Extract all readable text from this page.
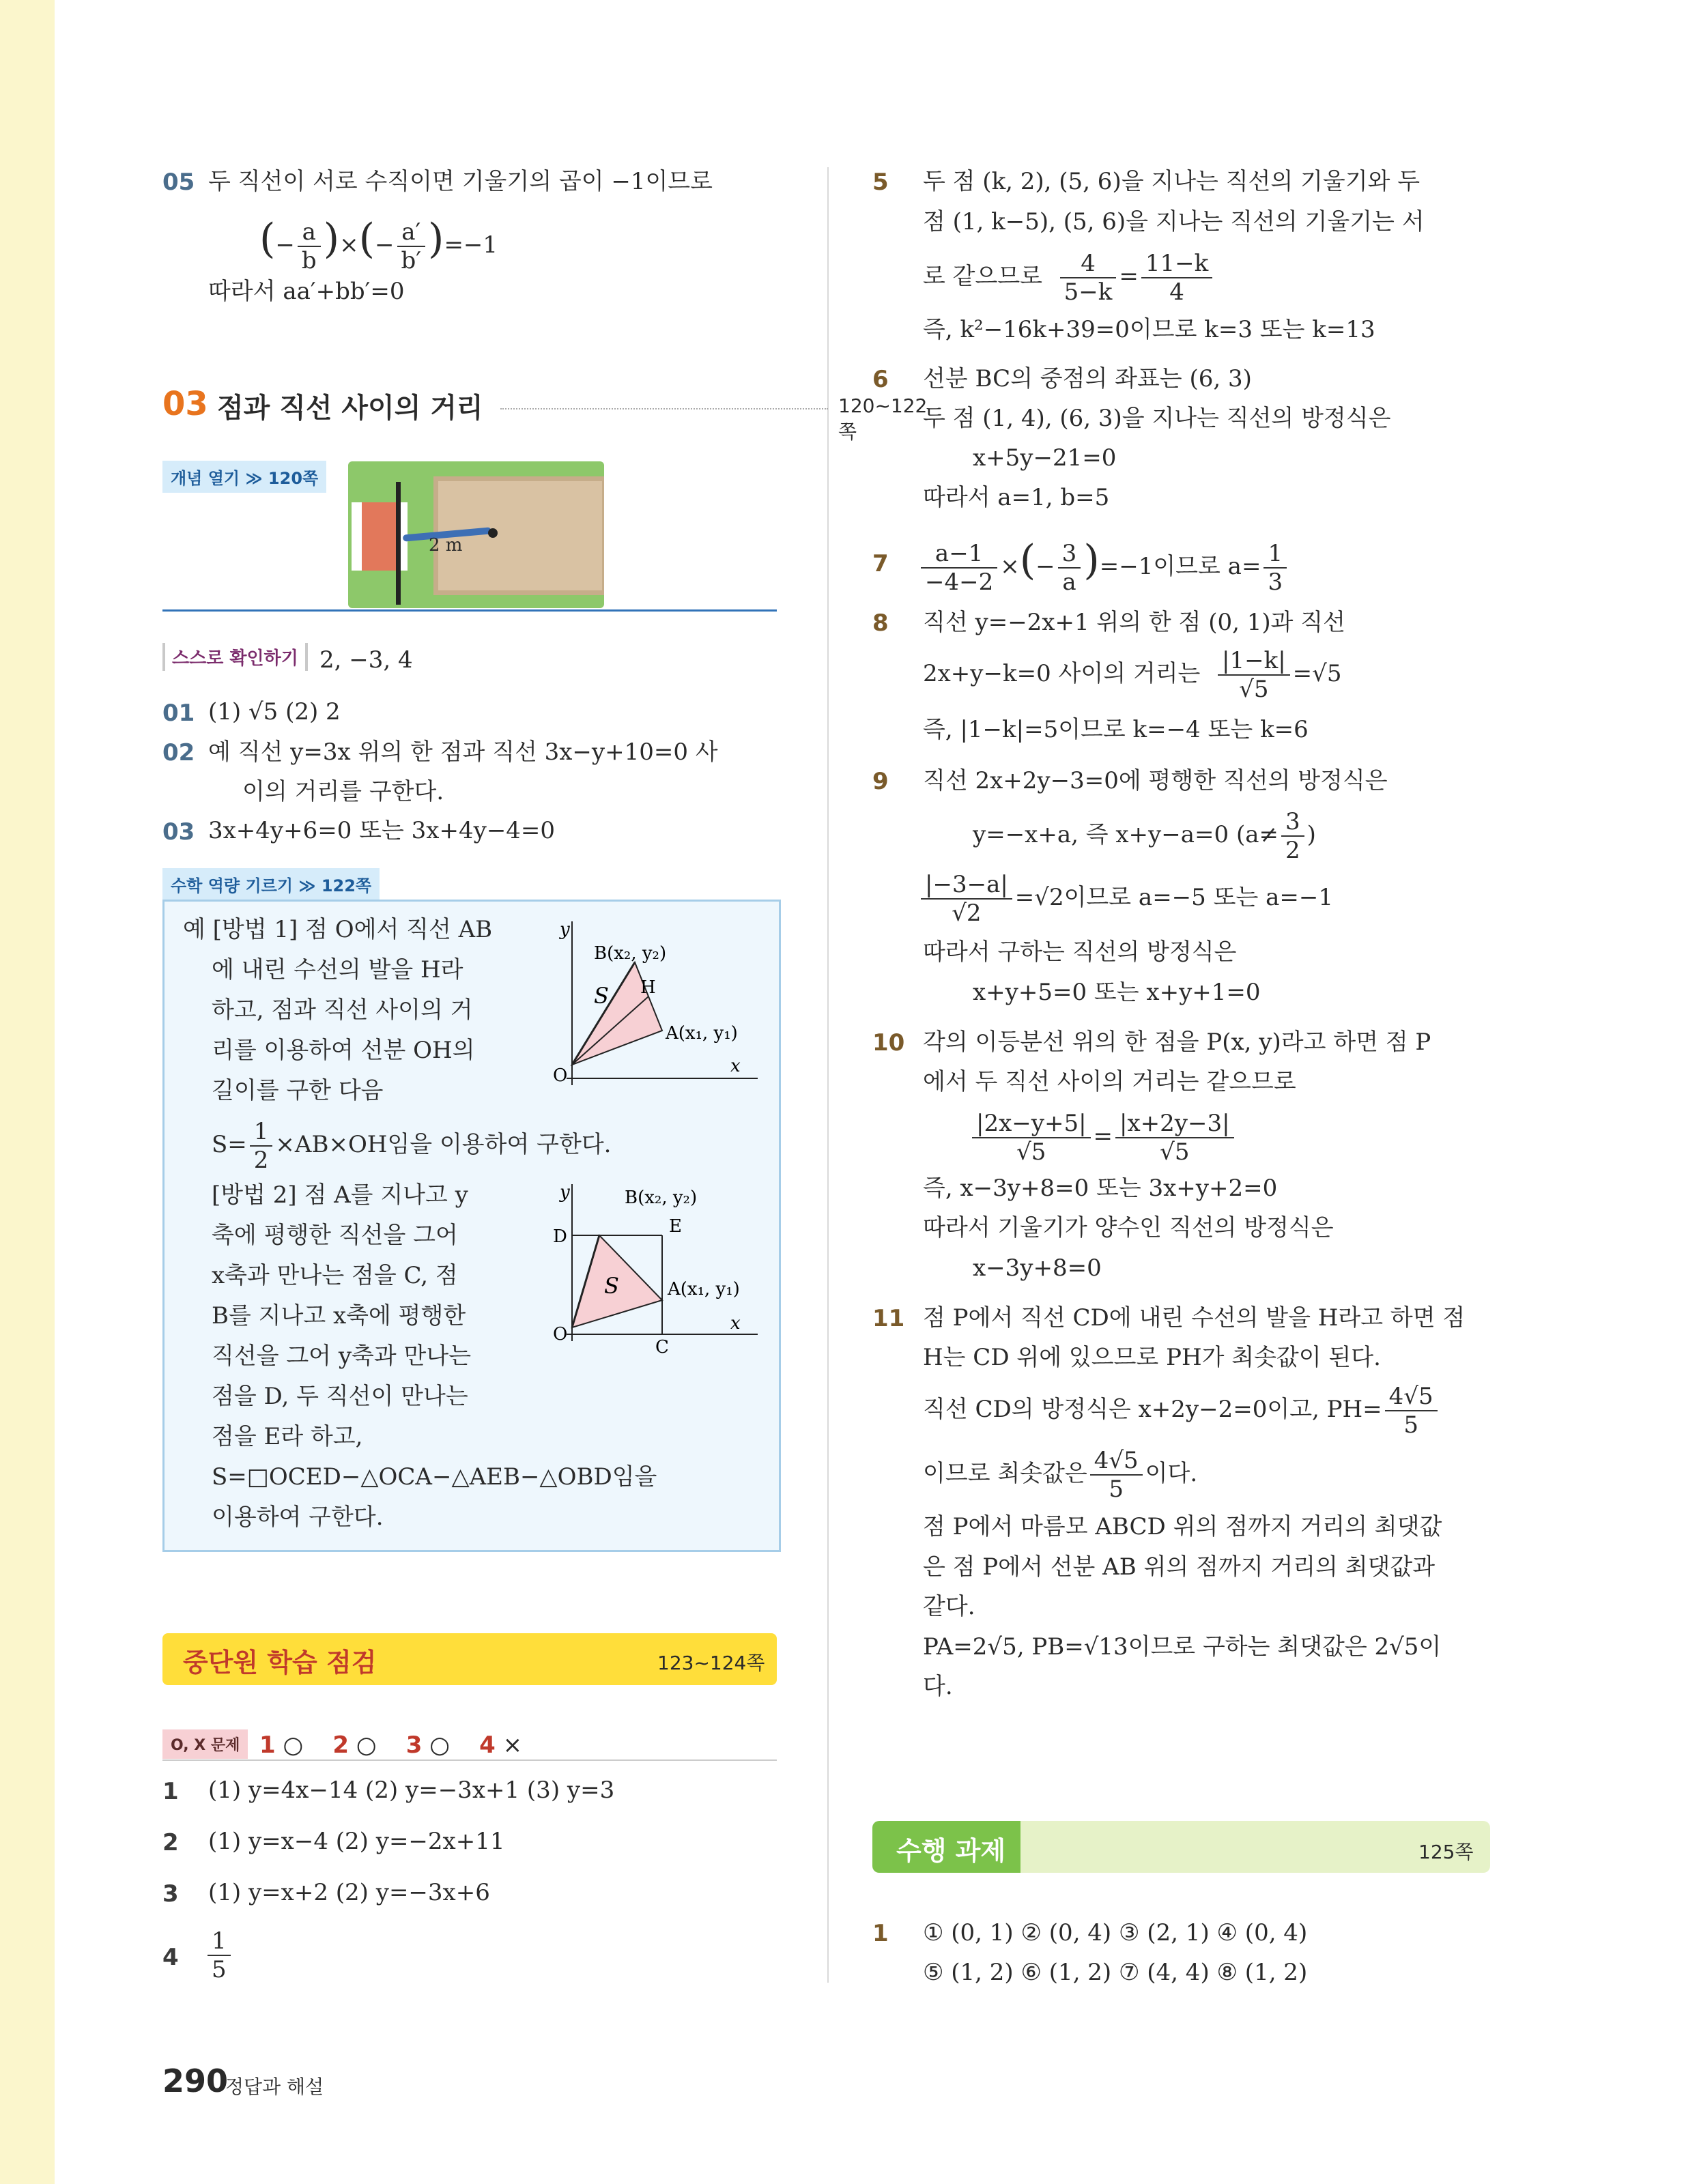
05 두 직선이 서로 수직이면 기울기의 곱이 −1이므로
(− $\frac{a}{b}$ )×(− $\frac{a'}{b'} )=-1$
따라서 aa′+bb′=0
03 점과 직선 사이의 거리	120~122쪽
개념 열기 ≫ 120쪽
2 m
스스로 확인하기 2, −3, 4
01 (1) √5 (2) 2
02 예 직선 y=3x 위의 한 점과 직선 3x−y+10=0 사
이의 거리를 구한다.
03 3x+4y+6=0 또는 3x+4y−4=0
수학 역량 기르기 ≫ 122쪽
예 [방법 1] 점 O에서 직선 AB
에 내린 수선의 발을 H라
하고, 점과 직선 사이의 거
리를 이용하여 선분 OH의
길이를 구한 다음
$S= \frac{1}{2} \times AB\times OH$임을 이용하여 구한다.
S
y
x
O
B(x₂, y₂)
H
A(x₁, y₁)
[방법 2] 점 A를 지나고 y
축에 평행한 직선을 그어
x축과 만나는 점을 C, 점
B를 지나고 x축에 평행한
직선을 그어 y축과 만나는
점을 D, 두 직선이 만나는
점을 E라 하고,
S=□OCED−△OCA−△AEB−△OBD임을
이용하여 구한다.
S
y
x
O
B(x₂, y₂)
D	E
A(x₁, y₁)
C
중단원 학습 점검	123~124쪽
O, X 문제 1 ○ 2 ○ 3 ○ 4 ×
1 (1) y=4x−14 (2) y=−3x+1 (3) y=3
2 (1) y=x−4 (2) y=−2x+11
3 (1) y=x+2 (2) y=−3x+6
$4 \frac{1}{5}$
290
정답과 해설
5 두 점 (k, 2), (5, 6)을 지나는 직선의 기울기와 두
점 (1, k−5), (5, 6)을 지나는 직선의 기울기는 서
로 같으므로 $\frac{4}{5-k} = \frac{11-k}{4}$
즉, k²−16k+39=0이므로 k=3 또는 k=13
6 선분 BC의 중점의 좌표는 (6, 3)
두 점 (1, 4), (6, 3)을 지나는 직선의 방정식은
x+5y−21=0
따라서 a=1, b=5
$7 \frac{a-1}{-4-2}$ ×(− $\frac{3}{a} )=-1$이므로 $a= \frac{1}{3}$
8 직선 y=−2x+1 위의 한 점 (0, 1)과 직선
2x+y−k=0 사이의 거리는 $\frac{|1-k|}{√5} =√5$
즉, |1−k|=5이므로 k=−4 또는 k=6
9 직선 2x+2y−3=0에 평행한 직선의 방정식은
y=−x+a, 즉 x+y−a=0 ($a\ne \frac{3}{2}$ )
$\frac{|-3-a|}{√2} =√2$이므로 a=−5 또는 a=−1
따라서 구하는 직선의 방정식은
x+y+5=0 또는 x+y+1=0
10 각의 이등분선 위의 한 점을 P(x, y)라고 하면 점 P
에서 두 직선 사이의 거리는 같으므로
$\frac{|2x-y+5|}{√5} = \frac{|x+2y-3|}{√5}$
즉, x−3y+8=0 또는 3x+y+2=0
따라서 기울기가 양수인 직선의 방정식은
x−3y+8=0
11 점 P에서 직선 CD에 내린 수선의 발을 H라고 하면 점
H는 CD 위에 있으므로 PH가 최솟값이 된다.
직선 CD의 방정식은 x+2y−2=0이고, $PH= \frac{4√5}{5}$
이므로 최솟값은 $\frac{4√5}{5}$ 이다.
점 P에서 마름모 ABCD 위의 점까지 거리의 최댓값
은 점 P에서 선분 AB 위의 점까지 거리의 최댓값과
같다.
PA=2√5, PB=√13이므로 구하는 최댓값은 2√5이
다.
수행 과제	125쪽
1 ① (0, 1) ② (0, 4) ③ (2, 1) ④ (0, 4)
⑤ (1, 2) ⑥ (1, 2) ⑦ (4, 4) ⑧ (1, 2)
